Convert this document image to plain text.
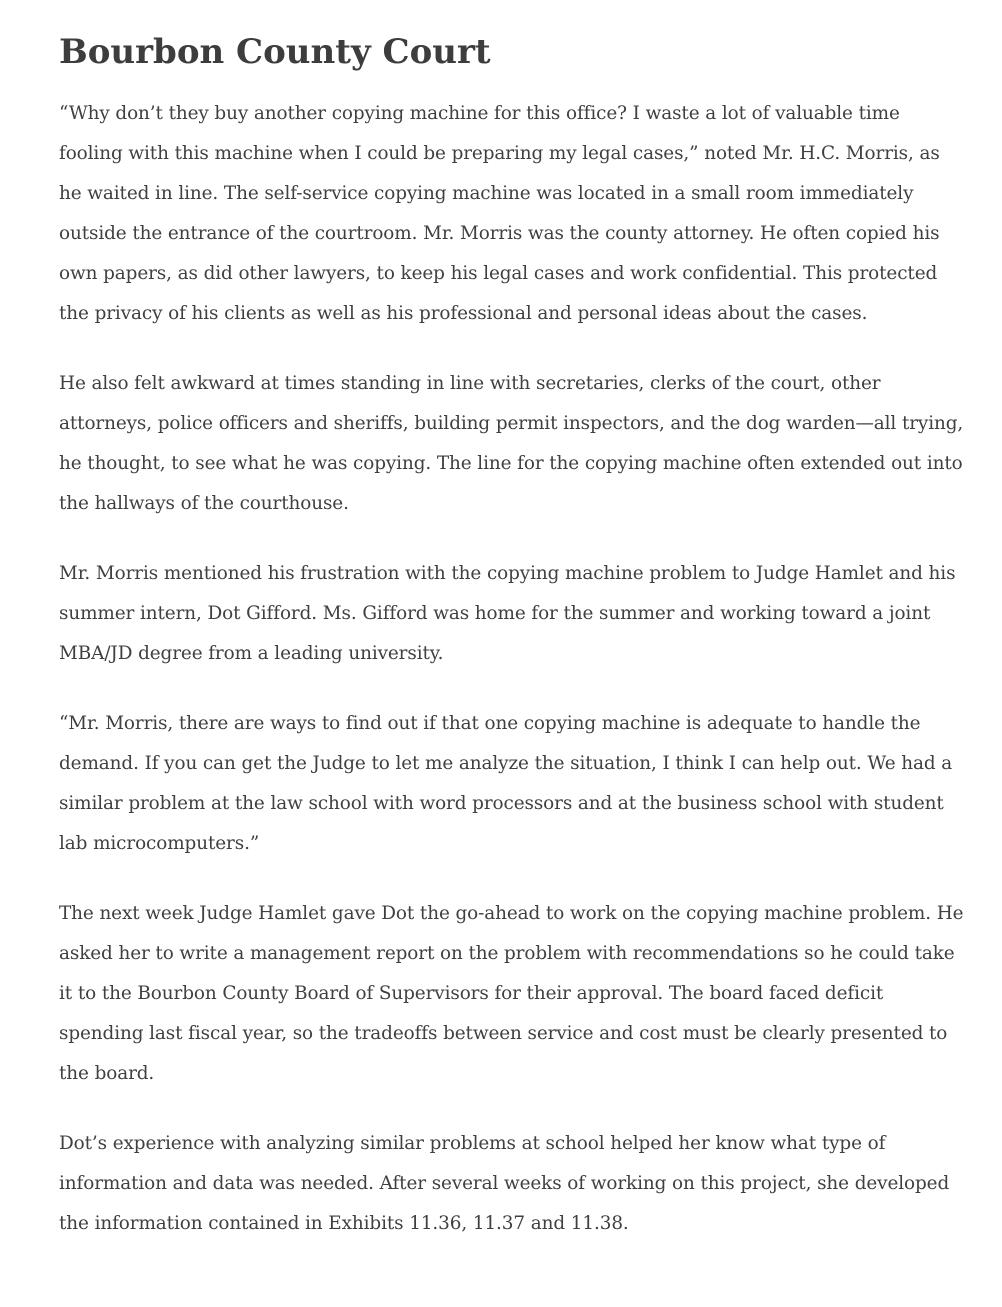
Bourbon County Court

“Why don’t they buy another copying machine for this office? I waste a lot of valuable time fooling with this machine when I could be preparing my legal cases,” noted Mr. H.C. Morris, as he waited in line. The self-service copying machine was located in a small room immediately outside the entrance of the courtroom. Mr. Morris was the county attorney. He often copied his own papers, as did other lawyers, to keep his legal cases and work confidential. This protected the privacy of his clients as well as his professional and personal ideas about the cases.

He also felt awkward at times standing in line with secretaries, clerks of the court, other attorneys, police officers and sheriffs, building permit inspectors, and the dog warden—all trying, he thought, to see what he was copying. The line for the copying machine often extended out into the hallways of the courthouse.

Mr. Morris mentioned his frustration with the copying machine problem to Judge Hamlet and his summer intern, Dot Gifford. Ms. Gifford was home for the summer and working toward a joint MBA/JD degree from a leading university.

“Mr. Morris, there are ways to find out if that one copying machine is adequate to handle the demand. If you can get the Judge to let me analyze the situation, I think I can help out. We had a similar problem at the law school with word processors and at the business school with student lab microcomputers.”

The next week Judge Hamlet gave Dot the go-ahead to work on the copying machine problem. He asked her to write a management report on the problem with recommendations so he could take it to the Bourbon County Board of Supervisors for their approval. The board faced deficit spending last fiscal year, so the tradeoffs between service and cost must be clearly presented to the board.

Dot’s experience with analyzing similar problems at school helped her know what type of information and data was needed. After several weeks of working on this project, she developed the information contained in Exhibits 11.36, 11.37 and 11.38.
